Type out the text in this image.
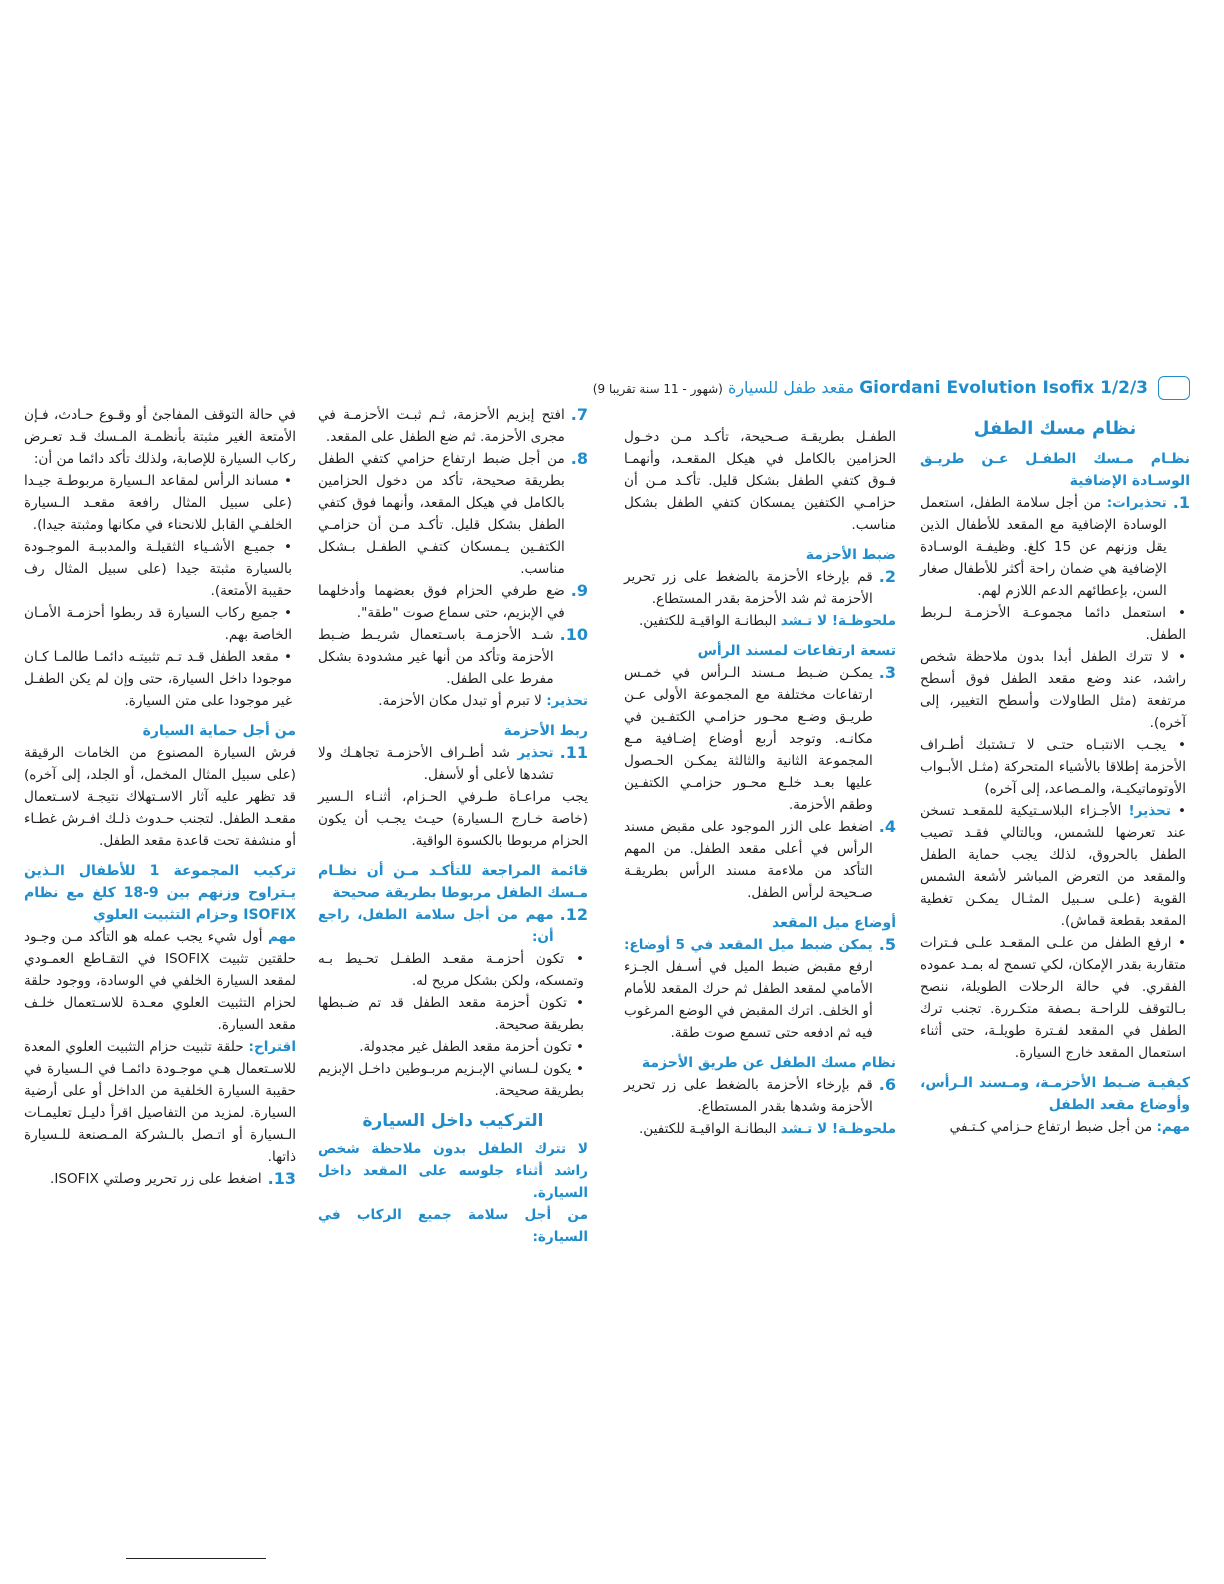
(9 شهور - 11 سنة تقريبا) مقعد طفل للسيارة Giordani Evolution Isofix 1/2/3
نظام مسك الطفل

نظـام مـسك الطفـل عـن طريـق الوسـادة الإضافية

1.

تحذيرات: من أجل سلامة الطفل، استعمل الوسادة الإضافية مع المقعد للأطفال الذين يقل وزنهم عن 15 كلغ. وظيفـة الوسـادة الإضافية هي ضمان راحة أكثر للأطفال صغار السن، بإعطائهم الدعم اللازم لهم.

• استعمل دائما مجموعـة الأحزمـة لـربط الطفل.

• لا تترك الطفل أبدا بدون ملاحظة شخص راشد، عند وضع مقعد الطفل فوق أسطح مرتفعة (مثل الطاولات وأسطح التغيير، إلى آخره).

• يجـب الانتبـاه حتـى لا تـشتبك أطـراف الأحزمة إطلاقا بالأشياء المتحركة (مثـل الأبـواب الأوتوماتيكيـة، والمـصاعد، إلى آخره)

• تحذير! الأجـزاء البلاسـتيكية للمقعـد تسخن عند تعرضها للشمس، وبالتالي فقـد تصيب الطفل بالحروق، لذلك يجب حماية الطفل والمقعد من التعرض المباشر لأشعة الشمس القوية (علـى سـبيل المثـال يمكـن تغطية المقعد بقطعة قماش).

• ارفع الطفل من علـى المقعـد علـى فـترات متقاربة بقدر الإمكان، لكي تسمح له بمـد عموده الفقري. في حالة الرحلات الطويلة، ننصح بـالتوقف للراحـة بـصفة متكـررة. تجنب ترك الطفل في المقعد لفـترة طويلـة، حتى أثناء استعمال المقعد خارج السيارة.

كيفيـة ضـبط الأحزمـة، ومـسند الـرأس، وأوضاع مقعد الطفل

مهم: من أجل ضبط ارتفاع حـزامي كـتـفي

الطفـل بطريقـة صـحيحة، تأكـد مـن دخـول الحزامين بالكامل في هيكل المقعـد، وأنهمـا فـوق كتفي الطفل بشكل قليل. تأكـد مـن أن حزامـي الكتفين يمسكان كتفي الطفل بشكل مناسب.

ضبط الأحزمة

2.

قم بإرخاء الأحزمة بالضغط على زر تحرير الأحزمة ثم شد الأحزمة بقدر المستطاع.

ملحوظـة! لا تـشد البطانـة الواقيـة للكتفين.

تسعة ارتفاعات لمسند الرأس

3.

يمكـن ضـبط مـسند الـرأس في خمـس ارتفاعات مختلفة مع المجموعة الأولى عـن طريـق وضـع محـور حزامـي الكتفـين في مكانـه. وتوجد أربع أوضاع إضـافية مـع المجموعة الثانية والثالثة يمكـن الحـصول عليها بعـد خلـع محـور حزامـي الكتفـين وطقم الأحزمة.

4.

اضغط على الزر الموجود على مقبض مسند الرأس في أعلى مقعد الطفل. من المهم التأكد من ملاءمة مسند الرأس بطريقـة صـحيحة لرأس الطفل.

أوضاع ميل المقعد

5.

يمكن ضبط ميل المقعد في 5 أوضاع: ارفع مقبض ضبط الميل في أسـفل الجـزء الأمامي لمقعد الطفل ثم حرك المقعد للأمام أو الخلف. اترك المقبض في الوضع المرغوب فيه ثم ادفعه حتى تسمع صوت طقة.

نظام مسك الطفل عن طريق الأحزمة

6.

قم بإرخاء الأحزمة بالضغط على زر تحرير الأحزمة وشدها بقدر المستطاع.

ملحوظـة! لا تـشد البطانـة الواقيـة للكتفين.

7.

افتح إبزيم الأحزمة، ثـم ثبـت الأحزمـة في مجرى الأحزمة. ثم ضع الطفل على المقعد.

8.

من أجل ضبط ارتفاع حزامي كتفي الطفل بطريقة صحيحة، تأكد من دخول الحزامين بالكامل في هيكل المقعد، وأنهما فوق كتفي الطفل بشكل قليل. تأكـد مـن أن حزامـي الكتفـين يـمسكان كتفـي الطفـل بـشكل مناسب.

9.

ضع طرفي الحزام فوق بعضهما وأدخلهما في الإبزيم، حتى سماع صوت "طقة".

10.

شـد الأحزمـة باسـتعمال شريـط ضـبط الأحزمة وتأكد من أنها غير مشدودة بشكل مفرط على الطفل.

تحذير: لا تبرم أو تبدل مكان الأحزمة.

ربط الأحزمة

11.

تحذير شد أطـراف الأحزمـة تجاهـك ولا تشدها لأعلى أو لأسفل.

يجب مراعـاة طـرفي الحـزام، أثنـاء الـسير (خاصة خـارج الـسيارة) حيـث يجـب أن يكون الحزام مربوطا بالكسوة الواقية.

قائمة المراجعة للتأكـد مـن أن نظـام مـسك الطفل مربوطا بطريقة صحيحة

12.

مهم من أجل سلامة الطفل، راجع أن:

• تكون أحزمـة مقعـد الطفـل تحـيط بـه وتمسكه، ولكن بشكل مريح له.

• تكون أحزمة مقعد الطفل قد تم ضـبطها بطريقة صحيحة.

• تكون أحزمة مقعد الطفل غير مجدولة.

• يكون لـساني الإبـزيم مربـوطين داخـل الإبزيم بطريقة صحيحة.

التركيب داخل السيارة

لا تترك الطفل بدون ملاحظة شخص راشد أثناء جلوسه على المقعد داخل السيارة.

من أجل سلامة جميع الركاب في السيارة:

في حالة التوقف المفاجئ أو وقـوع حـادث، فـإن الأمتعة الغير مثبتة بأنظمـة المـسك قـد تعـرض ركاب السيارة للإصابة، ولذلك تأكد دائما من أن:

• مساند الرأس لمقاعد الـسيارة مربوطـة جيـدا (على سبيل المثال رافعة مقعـد الـسيارة الخلفـي القابل للانحناء في مكانها ومثبتة جيدا).

• جميـع الأشـياء الثقيلـة والمدببـة الموجـودة بالسيارة مثبتة جيدا (على سبيل المثال رف حقيبة الأمتعة).

• جميع ركاب السيارة قد ربطوا أحزمـة الأمـان الخاصة بهم.

• مقعد الطفل قـد تـم تثبيتـه دائمـا طالمـا كـان موجودا داخل السيارة، حتى وإن لم يكن الطفـل غير موجودا على متن السيارة.

من أجل حماية السيارة

فرش السيارة المصنوع من الخامات الرقيقة (على سبيل المثال المخمل، أو الجلد، إلى آخره) قد تظهر عليه آثار الاسـتهلاك نتيجـة لاسـتعمال مقعـد الطفل. لتجنب حـدوث ذلـك افـرش غطـاء أو منشفة تحت قاعدة مقعد الطفل.

تركيب المجموعة 1 للأطفال الـذين يـتراوح وزنهم بين 9-18 كلغ مع نظام ISOFIX وحزام التثبيت العلوي

مهم أول شيء يجب عمله هو التأكد مـن وجـود حلقتين تثبيت ISOFIX في التقـاطع العمـودي لمقعد السيارة الخلفي في الوسادة، ووجود حلقة لحزام التثبيت العلوي معـدة للاسـتعمال خلـف مقعد السيارة.

اقتراح: حلقة تثبيت حزام التثبيت العلوي المعدة للاسـتعمال هـي موجـودة دائمـا في الـسيارة في حقيبة السيارة الخلفية من الداخل أو على أرضية السيارة. لمزيد من التفاصيل اقرأ دليـل تعليمـات الـسيارة أو اتـصل بالـشركة المـصنعة للـسيارة ذاتها.

13.

اضغط على زر تحرير وصلتي ISOFIX.
